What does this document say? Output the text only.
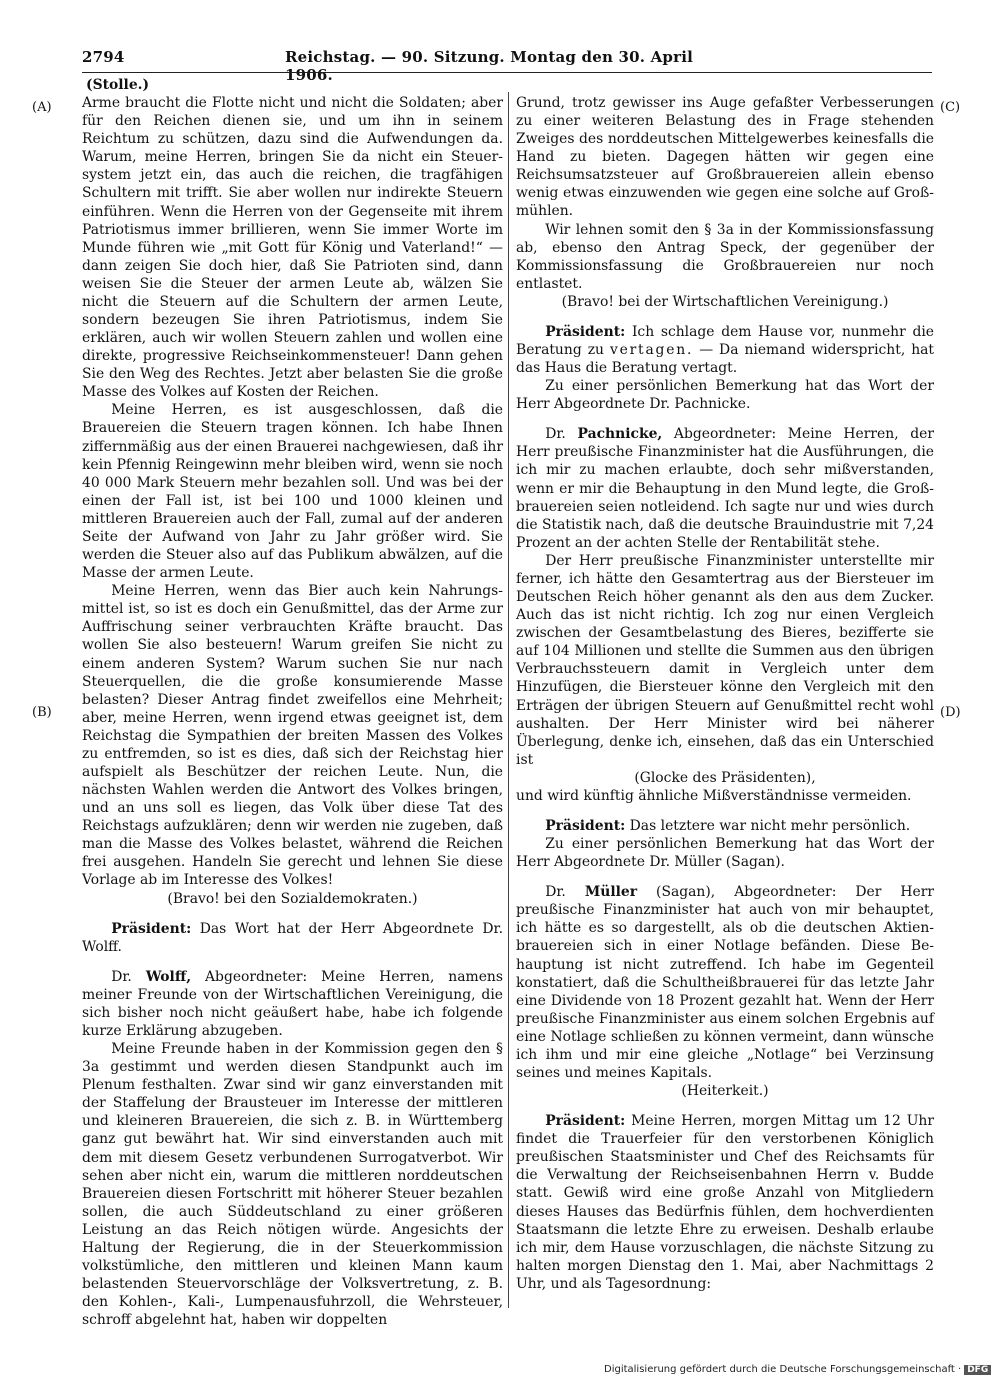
2794	Reichstag. — 90. Sitzung. Montag den 30. April 1906.
(A)
(B)
(C)
(D)

(Stolle.)

Arme braucht die Flotte nicht und nicht die Soldaten; aber für den Reichen dienen sie, und um ihn in seinem Reichtum zu schützen, dazu sind die Aufwendungen da. Warum, meine Herren, bringen Sie da nicht ein Steuersystem jetzt ein, das auch die reichen, die tragfähigen Schultern mit trifft. Sie aber wollen nur indirekte Steuern einführen. Wenn die Herren von der Gegenseite mit ihrem Patriotismus immer brillieren, wenn Sie immer Worte im Munde führen wie „mit Gott für König und Vaterland!“ — dann zeigen Sie doch hier, daß Sie Patrioten sind, dann weisen Sie die Steuer der armen Leute ab, wälzen Sie nicht die Steuern auf die Schultern der armen Leute, sondern bezeugen Sie ihren Patriotismus, indem Sie erklären, auch wir wollen Steuern zahlen und wollen eine direkte, progressive Reichseinkommensteuer! Dann gehen Sie den Weg des Rechtes. Jetzt aber belasten Sie die große Masse des Volkes auf Kosten der Reichen.

Meine Herren, es ist ausgeschlossen, daß die Brauereien die Steuern tragen können. Ich habe Ihnen ziffernmäßig aus der einen Brauerei nachgewiesen, daß ihr kein Pfennig Reingewinn mehr bleiben wird, wenn sie noch 40 000 Mark Steuern mehr bezahlen soll. Und was bei der einen der Fall ist, ist bei 100 und 1000 kleinen und mittleren Brauereien auch der Fall, zumal auf der anderen Seite der Aufwand von Jahr zu Jahr größer wird. Sie werden die Steuer also auf das Publikum abwälzen, auf die Masse der armen Leute.

Meine Herren, wenn das Bier auch kein Nahrungsmittel ist, so ist es doch ein Genußmittel, das der Arme zur Auffrischung seiner verbrauchten Kräfte braucht. Das wollen Sie also besteuern! Warum greifen Sie nicht zu einem anderen System? Warum suchen Sie nur nach Steuerquellen, die die große konsumierende Masse belasten? Dieser Antrag findet zweifellos eine Mehrheit; aber, meine Herren, wenn irgend etwas geeignet ist, dem Reichstag die Sympathien der breiten Massen des Volkes zu entfremden, so ist es dies, daß sich der Reichstag hier aufspielt als Beschützer der reichen Leute. Nun, die nächsten Wahlen werden die Antwort des Volkes bringen, und an uns soll es liegen, das Volk über diese Tat des Reichstags aufzuklären; denn wir werden nie zugeben, daß man die Masse des Volkes belastet, während die Reichen frei ausgehen. Handeln Sie gerecht und lehnen Sie diese Vorlage ab im Interesse des Volkes!

(Bravo! bei den Sozialdemokraten.)

Präsident: Das Wort hat der Herr Abgeordnete Dr. Wolff.

Dr. Wolff, Abgeordneter: Meine Herren, namens meiner Freunde von der Wirtschaftlichen Vereinigung, die sich bisher noch nicht geäußert habe, habe ich folgende kurze Erklärung abzugeben.

Meine Freunde haben in der Kommission gegen den § 3a gestimmt und werden diesen Standpunkt auch im Plenum festhalten. Zwar sind wir ganz einverstanden mit der Staffelung der Brausteuer im Interesse der mittleren und kleineren Brauereien, die sich z. B. in Württemberg ganz gut bewährt hat. Wir sind einverstanden auch mit dem mit diesem Gesetz verbundenen Surrogatverbot. Wir sehen aber nicht ein, warum die mittleren norddeutschen Brauereien diesen Fortschritt mit höherer Steuer bezahlen sollen, die auch Süddeutschland zu einer größeren Leistung an das Reich nötigen würde. Angesichts der Haltung der Regierung, die in der Steuerkommission volkstümliche, den mittleren und kleinen Mann kaum belastenden Steuervorschläge der Volksvertretung, z. B. den Kohlen-, Kali-, Lumpenausfuhrzoll, die Wehrsteuer, schroff abgelehnt hat, haben wir doppelten

Grund, trotz gewisser ins Auge gefaßter Verbesserungen zu einer weiteren Belastung des in Frage stehenden Zweiges des norddeutschen Mittelgewerbes keinesfalls die Hand zu bieten. Dagegen hätten wir gegen eine Reichsumsatzsteuer auf Großbrauereien allein ebenso wenig etwas einzuwenden wie gegen eine solche auf Großmühlen.

Wir lehnen somit den § 3a in der Kommissionsfassung ab, ebenso den Antrag Speck, der gegenüber der Kommissionsfassung die Großbrauereien nur noch entlastet.

(Bravo! bei der Wirtschaftlichen Vereinigung.)

Präsident: Ich schlage dem Hause vor, nunmehr die Beratung zu vertagen. — Da niemand widerspricht, hat das Haus die Beratung vertagt.

Zu einer persönlichen Bemerkung hat das Wort der Herr Abgeordnete Dr. Pachnicke.

Dr. Pachnicke, Abgeordneter: Meine Herren, der Herr preußische Finanzminister hat die Ausführungen, die ich mir zu machen erlaubte, doch sehr mißverstanden, wenn er mir die Behauptung in den Mund legte, die Großbrauereien seien notleidend. Ich sagte nur und wies durch die Statistik nach, daß die deutsche Brauindustrie mit 7,24 Prozent an der achten Stelle der Rentabilität stehe.

Der Herr preußische Finanzminister unterstellte mir ferner, ich hätte den Gesamtertrag aus der Biersteuer im Deutschen Reich höher genannt als den aus dem Zucker. Auch das ist nicht richtig. Ich zog nur einen Vergleich zwischen der Gesamtbelastung des Bieres, bezifferte sie auf 104 Millionen und stellte die Summen aus den übrigen Verbrauchssteuern damit in Vergleich unter dem Hinzufügen, die Biersteuer könne den Vergleich mit den Erträgen der übrigen Steuern auf Genußmittel recht wohl aushalten. Der Herr Minister wird bei näherer Überlegung, denke ich, einsehen, daß das ein Unterschied ist

(Glocke des Präsidenten),

und wird künftig ähnliche Mißverständnisse vermeiden.

Präsident: Das letztere war nicht mehr persönlich.

Zu einer persönlichen Bemerkung hat das Wort der Herr Abgeordnete Dr. Müller (Sagan).

Dr. Müller (Sagan), Abgeordneter: Der Herr preußische Finanzminister hat auch von mir behauptet, ich hätte es so dargestellt, als ob die deutschen Aktienbrauereien sich in einer Notlage befänden. Diese Behauptung ist nicht zutreffend. Ich habe im Gegenteil konstatiert, daß die Schultheißbrauerei für das letzte Jahr eine Dividende von 18 Prozent gezahlt hat. Wenn der Herr preußische Finanzminister aus einem solchen Ergebnis auf eine Notlage schließen zu können vermeint, dann wünsche ich ihm und mir eine gleiche „Notlage“ bei Verzinsung seines und meines Kapitals.

(Heiterkeit.)

Präsident: Meine Herren, morgen Mittag um 12 Uhr findet die Trauerfeier für den verstorbenen Königlich preußischen Staatsminister und Chef des Reichsamts für die Verwaltung der Reichseisenbahnen Herrn v. Budde statt. Gewiß wird eine große Anzahl von Mitgliedern dieses Hauses das Bedürfnis fühlen, dem hochverdienten Staatsmann die letzte Ehre zu erweisen. Deshalb erlaube ich mir, dem Hause vorzuschlagen, die nächste Sitzung zu halten morgen Dienstag den 1. Mai, aber Nachmittags 2 Uhr, und als Tagesordnung:

Digitalisierung gefördert durch die Deutsche Forschungsgemeinschaft · DFG
